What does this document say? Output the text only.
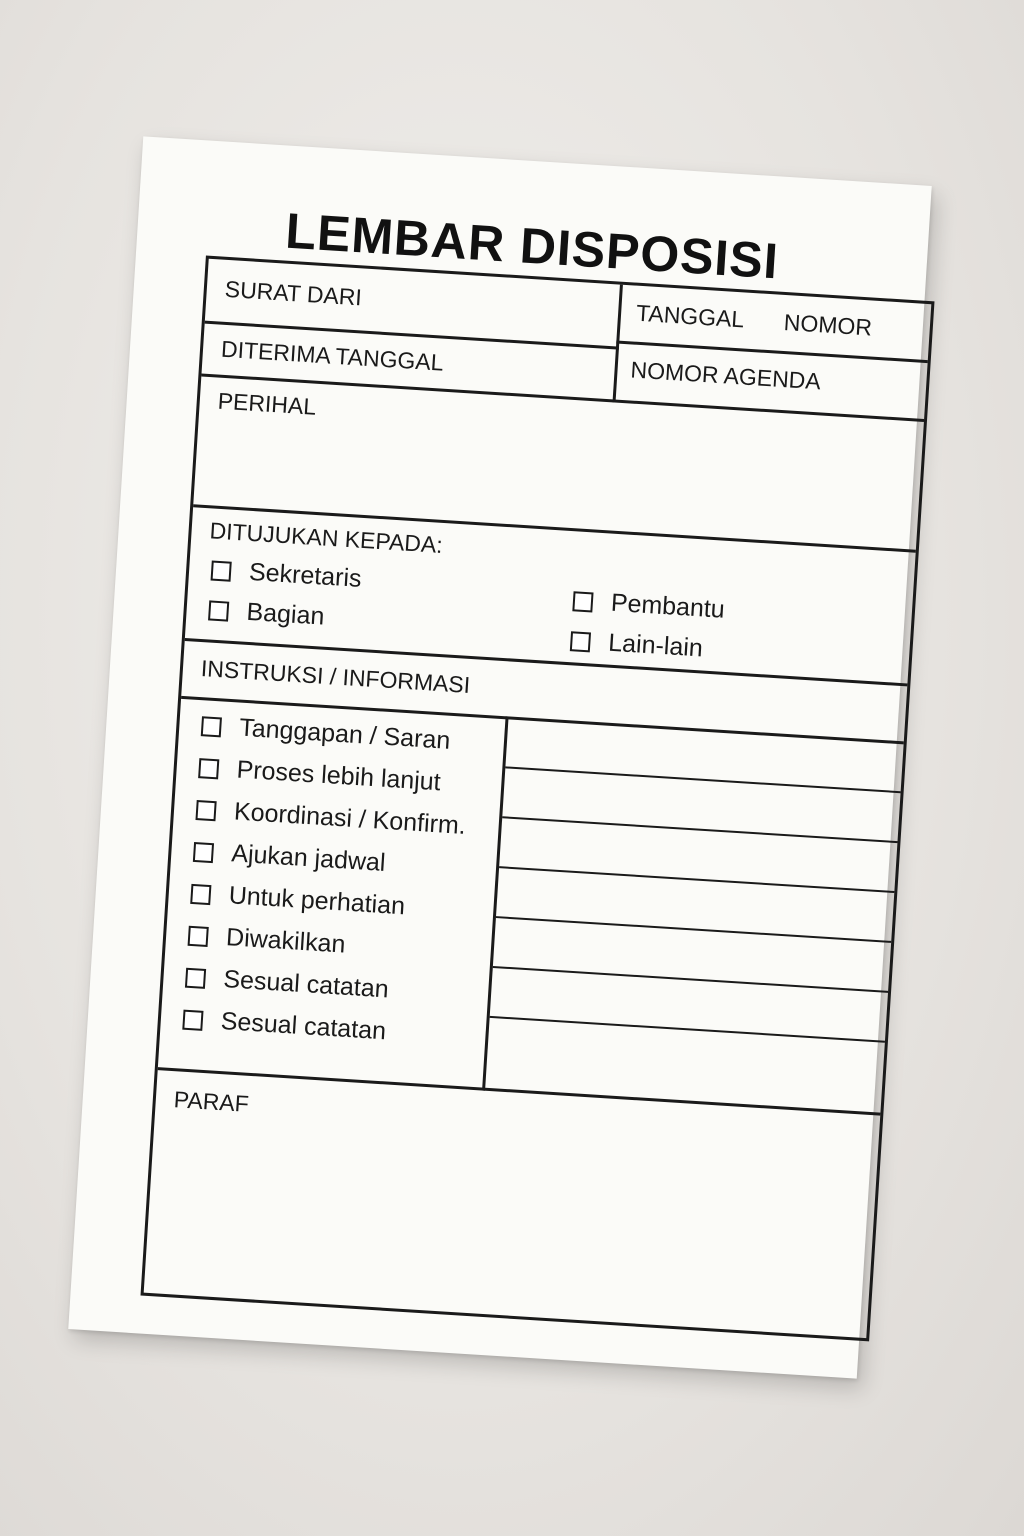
LEMBAR DISPOSISI
SURAT DARI
TANGGAL NOMOR
DITERIMA TANGGAL	NOMOR AGENDA
PERIHAL
DITUJUKAN KEPADA:
Sekretaris
Bagian	Pembantu
Lain-lain
INSTRUKSI / INFORMASI
Tanggapan / Saran
Proses lebih lanjut
Koordinasi / Konfirm.
Ajukan jadwal
Untuk perhatian
Diwakilkan
Sesual catatan
Sesual catatan
PARAF
